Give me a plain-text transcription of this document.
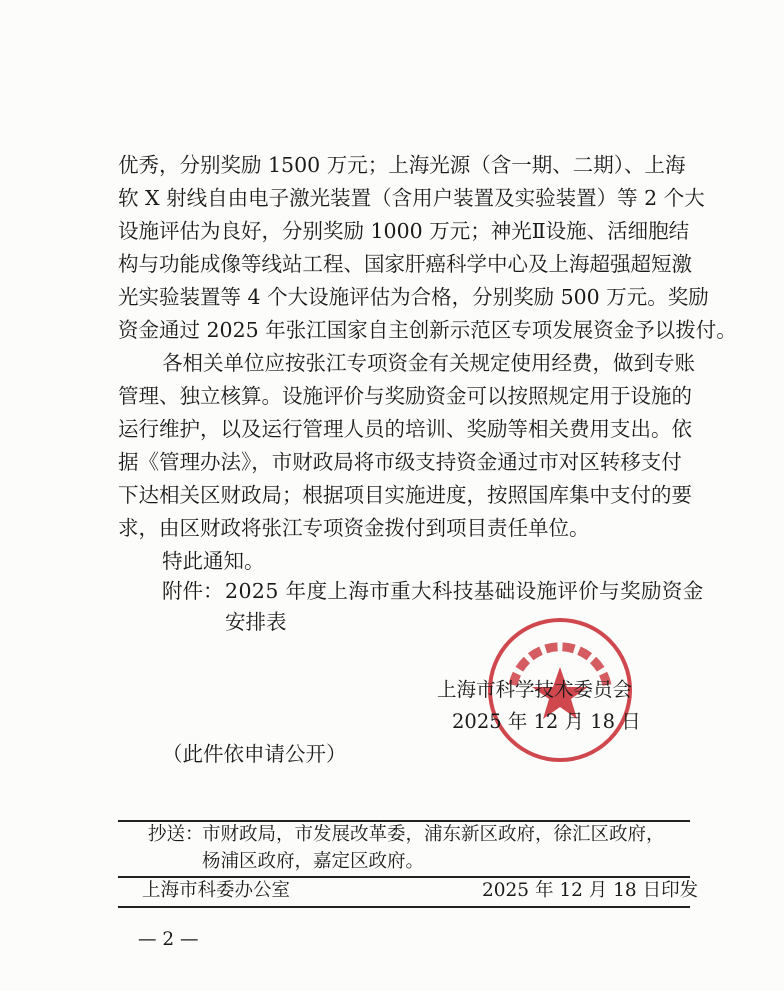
优秀，分别奖励 1500 万元；上海光源（含一期、二期）、上海
软 X 射线自由电子激光装置（含用户装置及实验装置）等 2 个大
设施评估为良好，分别奖励 1000 万元；神光Ⅱ设施、活细胞结
构与功能成像等线站工程、国家肝癌科学中心及上海超强超短激
光实验装置等 4 个大设施评估为合格，分别奖励 500 万元。奖励
资金通过 2025 年张江国家自主创新示范区专项发展资金予以拨付。
各相关单位应按张江专项资金有关规定使用经费，做到专账
管理、独立核算。设施评价与奖励资金可以按照规定用于设施的
运行维护，以及运行管理人员的培训、奖励等相关费用支出。依
据《管理办法》，市财政局将市级支持资金通过市对区转移支付
下达相关区财政局；根据项目实施进度，按照国库集中支付的要
求，由区财政将张江专项资金拨付到项目责任单位。
特此通知。
附件： 2025 年度上海市重大科技基础设施评价与奖励资金
安排表
上海市科学技术委员会
2025 年 12 月 18 日
（此件依申请公开）
抄送：
市财政局，市发展改革委，浦东新区政府，徐汇区政府，
杨浦区政府，嘉定区政府。
上海市科委办公室	2025 年 12 月 18 日印发
— 2 —
